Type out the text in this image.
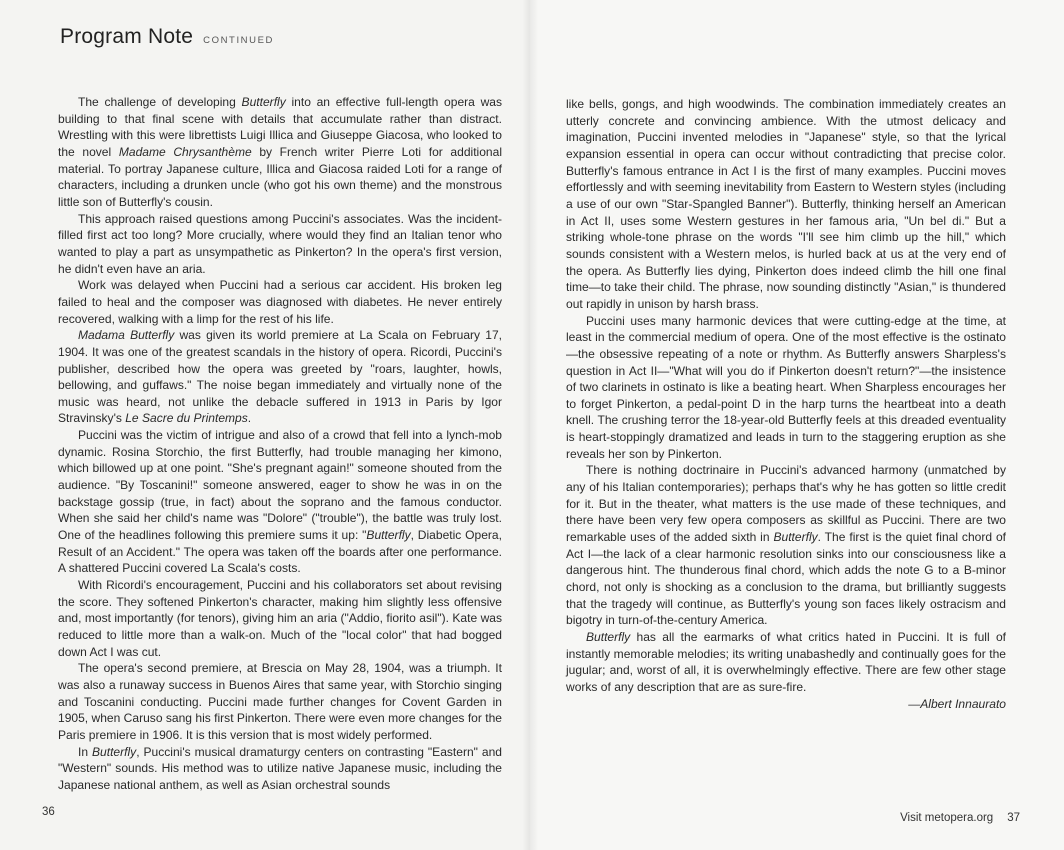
Program Note CONTINUED

The challenge of developing Butterfly into an effective full-length opera was building to that final scene with details that accumulate rather than distract. Wrestling with this were librettists Luigi Illica and Giuseppe Giacosa, who looked to the novel Madame Chrysanthème by French writer Pierre Loti for additional material. To portray Japanese culture, Illica and Giacosa raided Loti for a range of characters, including a drunken uncle (who got his own theme) and the monstrous little son of Butterfly's cousin.

This approach raised questions among Puccini's associates. Was the incident-filled first act too long? More crucially, where would they find an Italian tenor who wanted to play a part as unsympathetic as Pinkerton? In the opera's first version, he didn't even have an aria.

Work was delayed when Puccini had a serious car accident. His broken leg failed to heal and the composer was diagnosed with diabetes. He never entirely recovered, walking with a limp for the rest of his life.

Madama Butterfly was given its world premiere at La Scala on February 17, 1904. It was one of the greatest scandals in the history of opera. Ricordi, Puccini's publisher, described how the opera was greeted by "roars, laughter, howls, bellowing, and guffaws." The noise began immediately and virtually none of the music was heard, not unlike the debacle suffered in 1913 in Paris by Igor Stravinsky's Le Sacre du Printemps.

Puccini was the victim of intrigue and also of a crowd that fell into a lynch-mob dynamic. Rosina Storchio, the first Butterfly, had trouble managing her kimono, which billowed up at one point. "She's pregnant again!" someone shouted from the audience. "By Toscanini!" someone answered, eager to show he was in on the backstage gossip (true, in fact) about the soprano and the famous conductor. When she said her child's name was "Dolore" ("trouble"), the battle was truly lost. One of the headlines following this premiere sums it up: "Butterfly, Diabetic Opera, Result of an Accident." The opera was taken off the boards after one performance. A shattered Puccini covered La Scala's costs.

With Ricordi's encouragement, Puccini and his collaborators set about revising the score. They softened Pinkerton's character, making him slightly less offensive and, most importantly (for tenors), giving him an aria ("Addio, fiorito asil"). Kate was reduced to little more than a walk-on. Much of the "local color" that had bogged down Act I was cut.

The opera's second premiere, at Brescia on May 28, 1904, was a triumph. It was also a runaway success in Buenos Aires that same year, with Storchio singing and Toscanini conducting. Puccini made further changes for Covent Garden in 1905, when Caruso sang his first Pinkerton. There were even more changes for the Paris premiere in 1906. It is this version that is most widely performed.

In Butterfly, Puccini's musical dramaturgy centers on contrasting "Eastern" and "Western" sounds. His method was to utilize native Japanese music, including the Japanese national anthem, as well as Asian orchestral sounds

like bells, gongs, and high woodwinds. The combination immediately creates an utterly concrete and convincing ambience. With the utmost delicacy and imagination, Puccini invented melodies in "Japanese" style, so that the lyrical expansion essential in opera can occur without contradicting that precise color. Butterfly's famous entrance in Act I is the first of many examples. Puccini moves effortlessly and with seeming inevitability from Eastern to Western styles (including a use of our own "Star-Spangled Banner"). Butterfly, thinking herself an American in Act II, uses some Western gestures in her famous aria, "Un bel di." But a striking whole-tone phrase on the words "I'll see him climb up the hill," which sounds consistent with a Western melos, is hurled back at us at the very end of the opera. As Butterfly lies dying, Pinkerton does indeed climb the hill one final time—to take their child. The phrase, now sounding distinctly "Asian," is thundered out rapidly in unison by harsh brass.

Puccini uses many harmonic devices that were cutting-edge at the time, at least in the commercial medium of opera. One of the most effective is the ostinato—the obsessive repeating of a note or rhythm. As Butterfly answers Sharpless's question in Act II—"What will you do if Pinkerton doesn't return?"—the insistence of two clarinets in ostinato is like a beating heart. When Sharpless encourages her to forget Pinkerton, a pedal-point D in the harp turns the heartbeat into a death knell. The crushing terror the 18-year-old Butterfly feels at this dreaded eventuality is heart-stoppingly dramatized and leads in turn to the staggering eruption as she reveals her son by Pinkerton.

There is nothing doctrinaire in Puccini's advanced harmony (unmatched by any of his Italian contemporaries); perhaps that's why he has gotten so little credit for it. But in the theater, what matters is the use made of these techniques, and there have been very few opera composers as skillful as Puccini. There are two remarkable uses of the added sixth in Butterfly. The first is the quiet final chord of Act I—the lack of a clear harmonic resolution sinks into our consciousness like a dangerous hint. The thunderous final chord, which adds the note G to a B-minor chord, not only is shocking as a conclusion to the drama, but brilliantly suggests that the tragedy will continue, as Butterfly's young son faces likely ostracism and bigotry in turn-of-the-century America.

Butterfly has all the earmarks of what critics hated in Puccini. It is full of instantly memorable melodies; its writing unabashedly and continually goes for the jugular; and, worst of all, it is overwhelmingly effective. There are few other stage works of any description that are as sure-fire.

—Albert Innaurato

36	Visit metopera.org 37
